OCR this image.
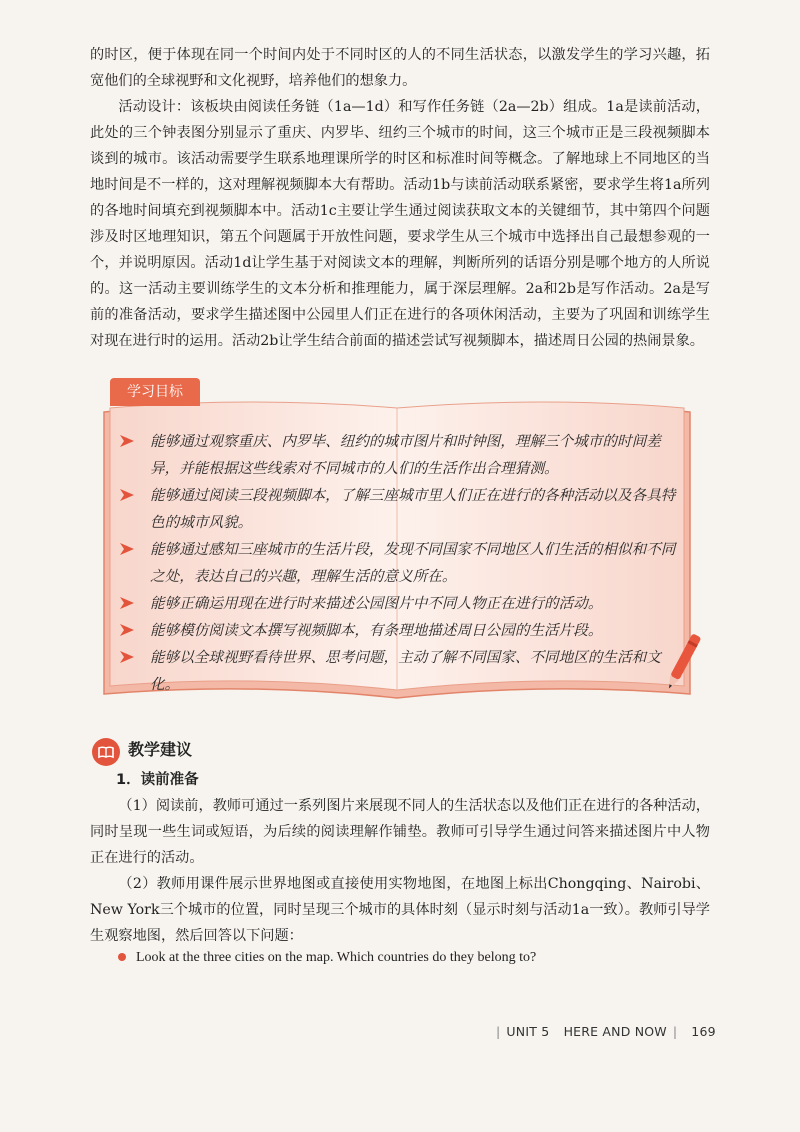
的时区，便于体现在同一个时间内处于不同时区的人的不同生活状态，以激发学生的学习兴趣，拓宽他们的全球视野和文化视野，培养他们的想象力。

活动设计：该板块由阅读任务链（1a—1d）和写作任务链（2a—2b）组成。1a是读前活动，此处的三个钟表图分别显示了重庆、内罗毕、纽约三个城市的时间，这三个城市正是三段视频脚本谈到的城市。该活动需要学生联系地理课所学的时区和标准时间等概念。了解地球上不同地区的当地时间是不一样的，这对理解视频脚本大有帮助。活动1b与读前活动联系紧密，要求学生将1a所列的各地时间填充到视频脚本中。活动1c主要让学生通过阅读获取文本的关键细节，其中第四个问题涉及时区地理知识，第五个问题属于开放性问题，要求学生从三个城市中选择出自己最想参观的一个，并说明原因。活动1d让学生基于对阅读文本的理解，判断所列的话语分别是哪个地方的人所说的。这一活动主要训练学生的文本分析和推理能力，属于深层理解。2a和2b是写作活动。2a是写前的准备活动，要求学生描述图中公园里人们正在进行的各项休闲活动，主要为了巩固和训练学生对现在进行时的运用。活动2b让学生结合前面的描述尝试写视频脚本，描述周日公园的热闹景象。

学习目标
能够通过观察重庆、内罗毕、纽约的城市图片和时钟图，理解三个城市的时间差异，并能根据这些线索对不同城市的人们的生活作出合理猜测。
能够通过阅读三段视频脚本，了解三座城市里人们正在进行的各种活动以及各具特色的城市风貌。
能够通过感知三座城市的生活片段，发现不同国家不同地区人们生活的相似和不同之处，表达自己的兴趣，理解生活的意义所在。
能够正确运用现在进行时来描述公园图片中不同人物正在进行的活动。
能够模仿阅读文本撰写视频脚本，有条理地描述周日公园的生活片段。
能够以全球视野看待世界、思考问题，主动了解不同国家、不同地区的生活和文化。
教学建议
1．读前准备

（1）阅读前，教师可通过一系列图片来展现不同人的生活状态以及他们正在进行的各种活动，同时呈现一些生词或短语，为后续的阅读理解作铺垫。教师可引导学生通过问答来描述图片中人物正在进行的活动。

（2）教师用课件展示世界地图或直接使用实物地图，在地图上标出Chongqing、Nairobi、New York三个城市的位置，同时呈现三个城市的具体时刻（显示时刻与活动1a一致）。教师引导学生观察地图，然后回答以下问题：

Look at the three cities on the map. Which countries do they belong to?
| UNIT 5 HERE AND NOW | 169
